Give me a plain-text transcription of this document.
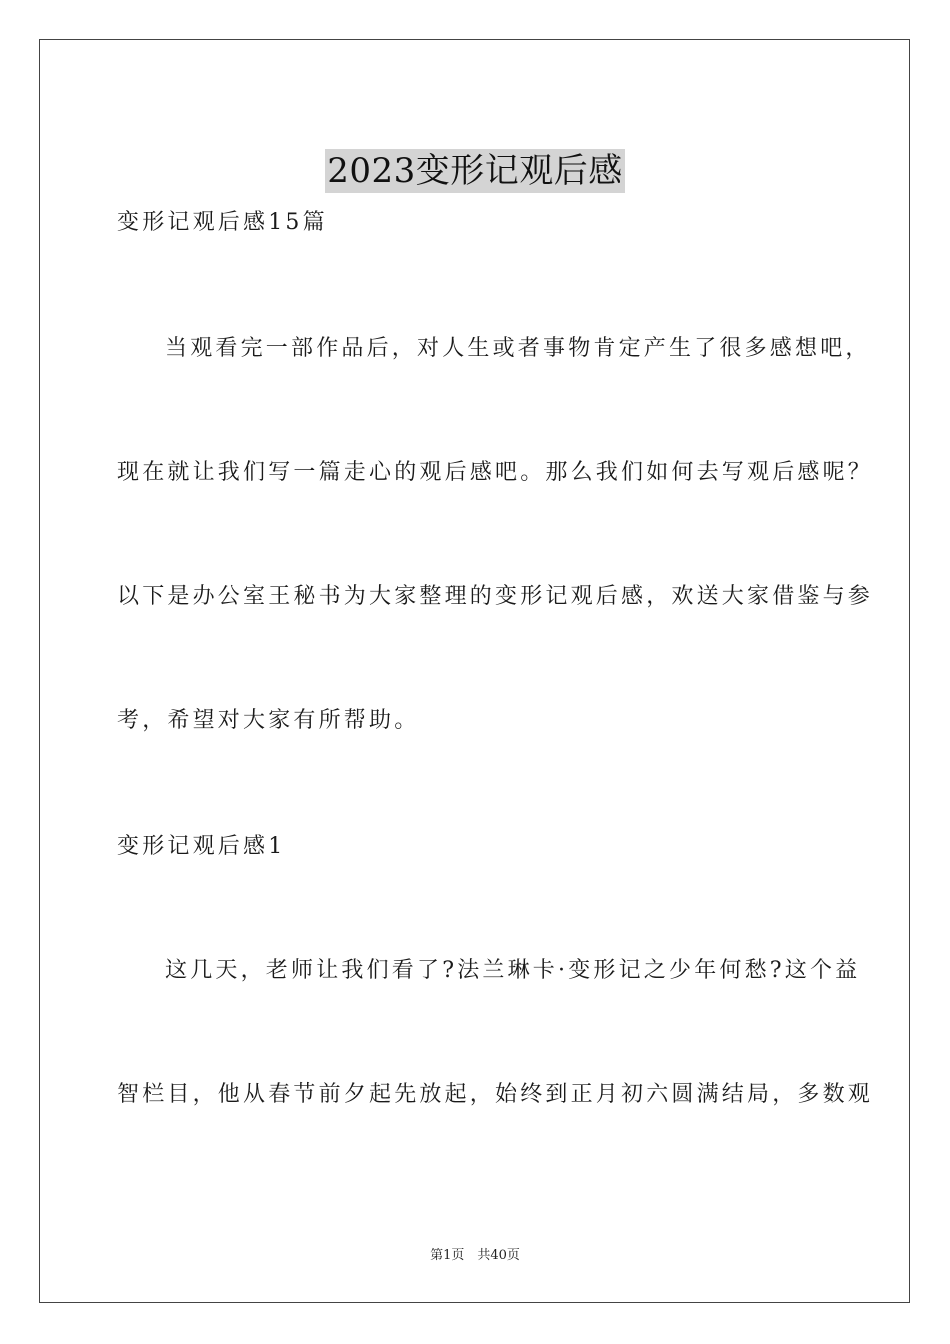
2023变形记观后感
变形记观后感15篇
当观看完一部作品后，对人生或者事物肯定产生了很多感想吧，
现在就让我们写一篇走心的观后感吧。那么我们如何去写观后感呢？
以下是办公室王秘书为大家整理的变形记观后感，欢送大家借鉴与参
考，希望对大家有所帮助。
变形记观后感1
这几天，老师让我们看了?法兰琳卡·变形记之少年何愁?这个益
智栏目，他从春节前夕起先放起，始终到正月初六圆满结局，多数观
第1页　共40页
